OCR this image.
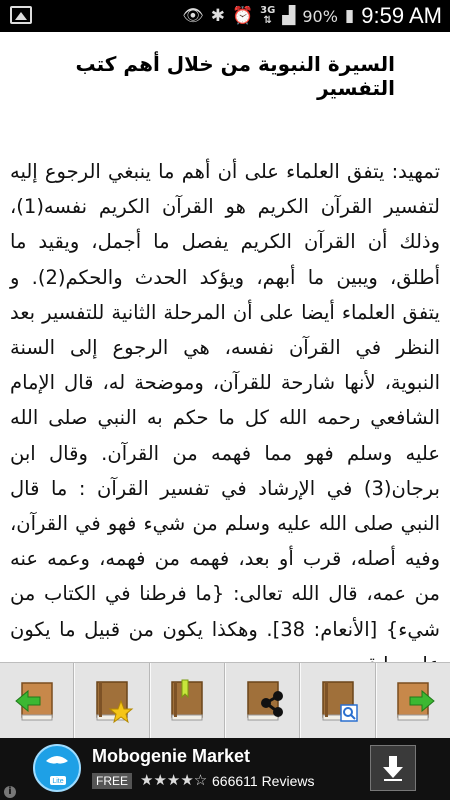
👁 ✱ ⏰ 3G
⇅ ▟ 90% ▮ 9:59 AM
السيرة النبوية من خلال أهم كتب التفسير

تمهيد: يتفق العلماء على أن أهم ما ينبغي الرجوع إليه لتفسير القرآن الكريم هو القرآن الكريم نفسه(1)، وذلك أن القرآن الكريم يفصل ما أجمل، ويقيد ما أطلق، ويبين ما أبهم، ويؤكد الحدث والحكم(2). و يتفق العلماء أيضا على أن المرحلة الثانية للتفسير بعد النظر في القرآن نفسه، هي الرجوع إلى السنة النبوية، لأنها شارحة للقرآن، وموضحة له، قال الإمام الشافعي رحمه الله كل ما حكم به النبي صلى الله عليه وسلم فهو مما فهمه من القرآن. وقال ابن برجان(3) في الإرشاد في تفسير القرآن : ما قال النبي صلى الله عليه وسلم من شيء فهو في القرآن، وفيه أصله، قرب أو بعد، فهمه من فهمه، وعمه عنه من عمه، قال الله تعالى: {ما فرطنا في الكتاب من شيء} [الأنعام: 38]. وهكذا يكون من قبيل ما يكون

Lite
i
Mobogenie Market
FREE ★★★★☆ 666611 Reviews
